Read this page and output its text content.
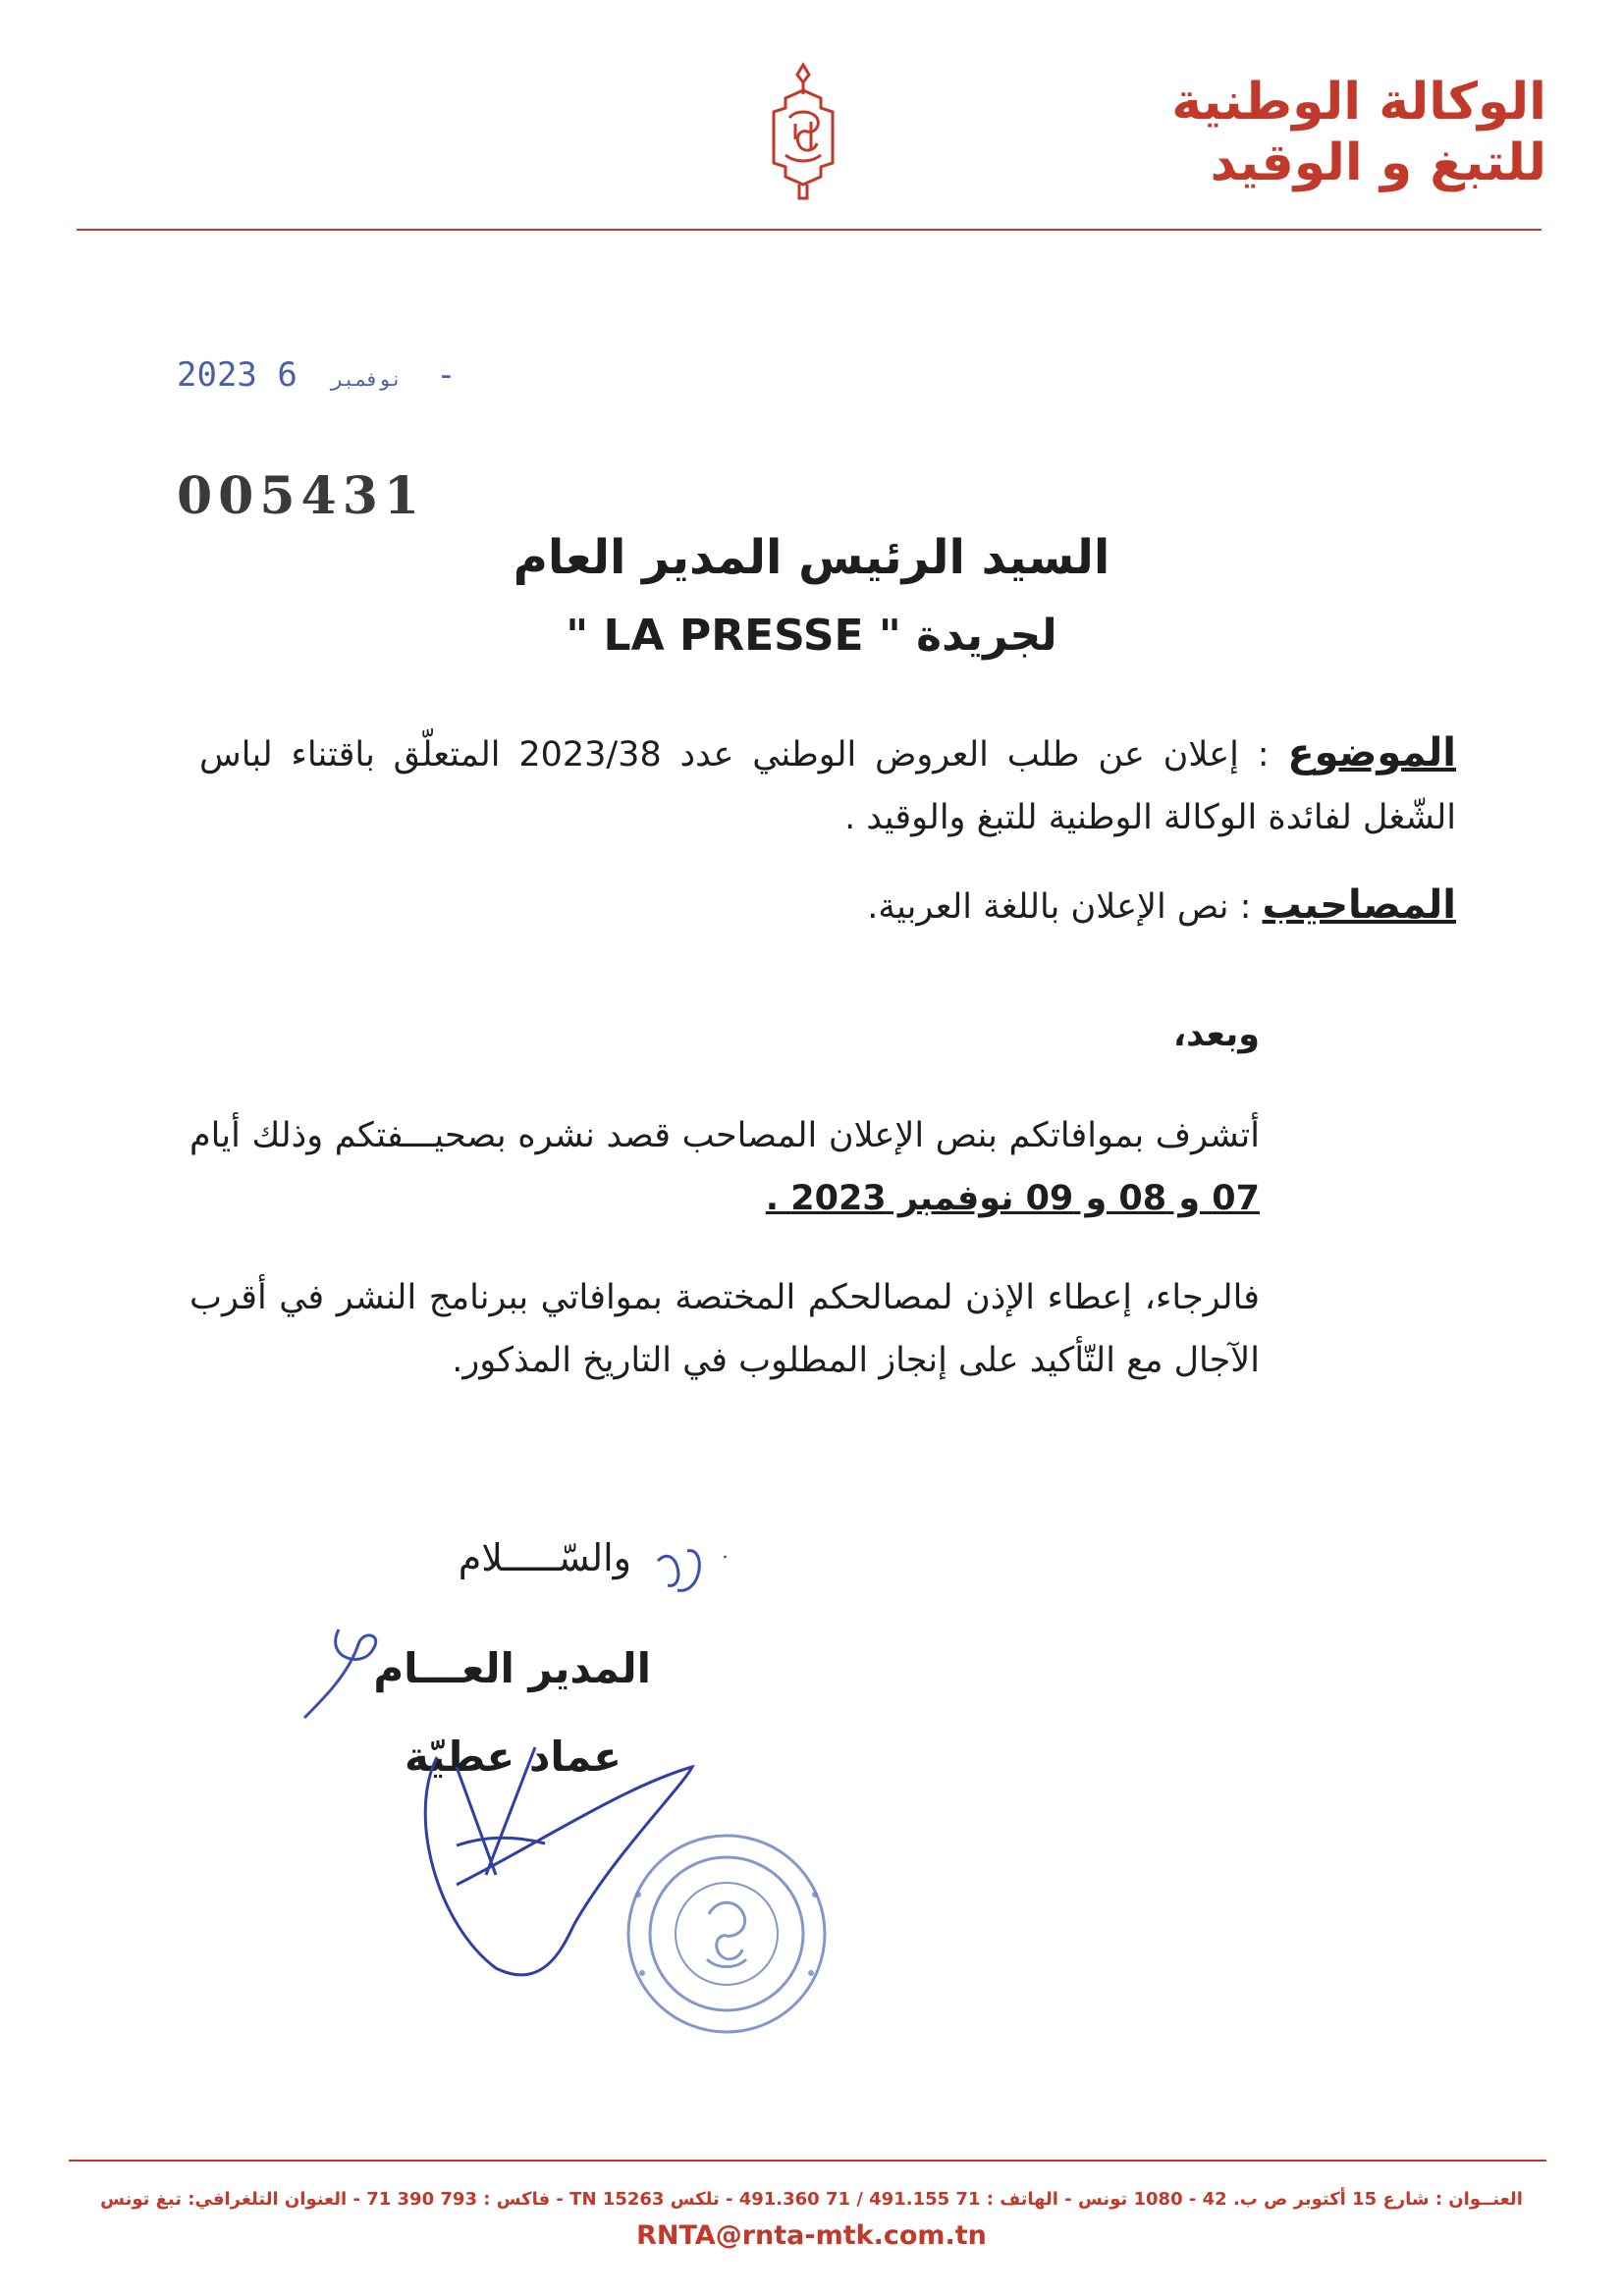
الوكالة الوطنية
للتبغ و الوقيد
2023	نوفمبر 6 -
005431
السيد الرئيس المدير العام
لجريدة " LA PRESSE "
الموضوع : إعلان عن طلب العروض الوطني عدد 2023/38 المتعلّق باقتناء لباس الشّغل لفائدة الوكالة الوطنية للتبغ والوقيد .
المصاحيب : نص الإعلان باللغة العربية.
وبعد،
أتشرف بموافاتكم بنص الإعلان المصاحب قصد نشره بصحيـــفتكم وذلك أيام 07 و 08 و 09 نوفمبر 2023 .
فالرجاء، إعطاء الإذن لمصالحكم المختصة بموافاتي ببرنامج النشر في أقرب الآجال مع التّأكيد على إنجاز المطلوب في التاريخ المذكور.
والسّـــــلام
المدير العـــام
عماد عطيّة
العنــوان : شارع 15 أكتوبر ص ب. 42 - 1080 تونس - الهاتف : 71 491.155 / 71 491.360 - تلكس 15263 TN - فاكس : 793 390 71 - العنوان التلغرافي: تبغ تونس
RNTA@rnta-mtk.com.tn
